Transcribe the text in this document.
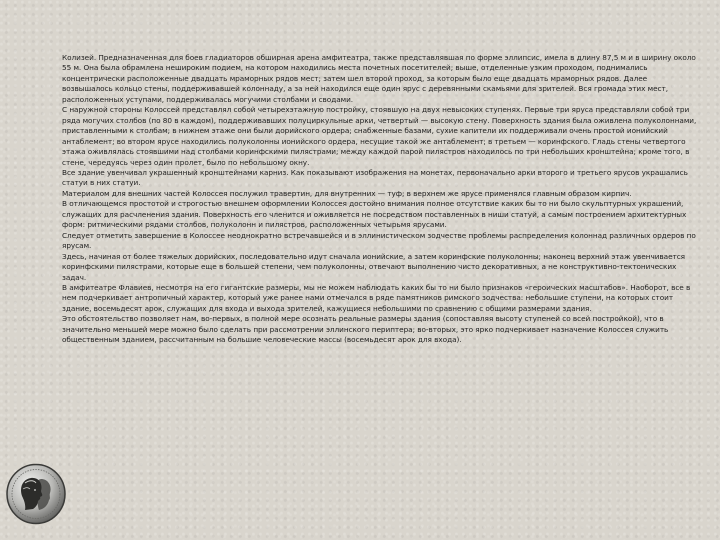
Колизей. Предназначенная для боев гладиаторов обширная арена амфитеатра, также представлявшая по форме эллипсис, имела в длину 87,5 м и в ширину около 55 м. Она была обрамлена нешироким подием, на котором находились места почетных посетителей; выше, отделенные узким проходом, поднимались концентрически расположенные двадцать мраморных рядов мест; затем шел второй проход, за которым было еще двадцать мраморных рядов. Далее возвышалось кольцо стены, поддерживавшей колоннаду, а за ней находился еще один ярус с деревянными скамьями для зрителей. Вся громада этих мест, расположенных уступами, поддерживалась могучими столбами и сводами.

С наружной стороны Колоссей представлял собой четырехэтажную постройку, стоявшую на двух невысоких ступенях. Первые три яруса представляли собой три ряда могучих столбов (по 80 в каждом), поддерживавших полуциркульные арки, четвертый — высокую стену. Поверхность здания была оживлена полуколоннами, приставленными к столбам; в нижнем этаже они были дорийского ордера; снабженные базами, сухие капители их поддерживали очень простой ионийский антаблемент; во втором ярусе находились полуколонны ионийского ордера, несущие такой же антаблемент; в третьем — коринфского. Гладь стены четвертого этажа оживлялась стоявшими над столбами коринфскими пилястрами; между каждой парой пилястров находилось по три небольших кронштейна; кроме того, в стене, чередуясь через один пролет, было по небольшому окну.

Все здание увенчивал украшенный кронштейнами карниз. Как показывают изображения на монетах, первоначально арки второго и третьего ярусов украшались статуи в них статуи.

Материалом для внешних частей Колоссея послужил травертин, для внутренних — туф; в верхнем же ярусе применялся главным образом кирпич.

В отличающемся простотой и строгостью внешнем оформлении Колоссея достойно внимания полное отсутствие каких бы то ни было скульптурных украшений, служащих для расчленения здания. Поверхность его членится и оживляется не посредством поставленных в ниши статуй, а самым построением архитектурных форм: ритмическими рядами столбов, полуколонн и пилястров, расположенных четырьмя ярусами.

Следует отметить завершение в Колоссее неоднократно встречавшейся и в эллинистическом зодчестве проблемы распределения колоннад различных ордеров по ярусам.

Здесь, начиная от более тяжелых дорийских, последовательно идут сначала ионийские, а затем коринфские полуколонны; наконец верхний этаж увенчивается коринфскими пилястрами, которые еще в большей степени, чем полуколонны, отвечают выполнению чисто декоративных, а не конструктивно-тектонических задач.

В амфитеатре Флавиев, несмотря на его гигантские размеры, мы не можем наблюдать каких бы то ни было признаков «героических масштабов». Наоборот, все в нем подчеркивает антропичный характер, который уже ранее нами отмечался в ряде памятников римского зодчества: небольшие ступени, на которых стоит здание, восемьдесят арок, служащих для входа и выхода зрителей, кажущиеся небольшими по сравнению с общими размерами здания.

Это обстоятельство позволяет нам, во-первых, в полной мере осознать реальные размеры здания (сопоставляя высоту ступеней со всей постройкой), что в значительно меньшей мере можно было сделать при рассмотрении эллинского периптера; во-вторых, это ярко подчеркивает назначение Колоссея служить общественным зданием, рассчитанным на большие человеческие массы (восемьдесят арок для входа).
